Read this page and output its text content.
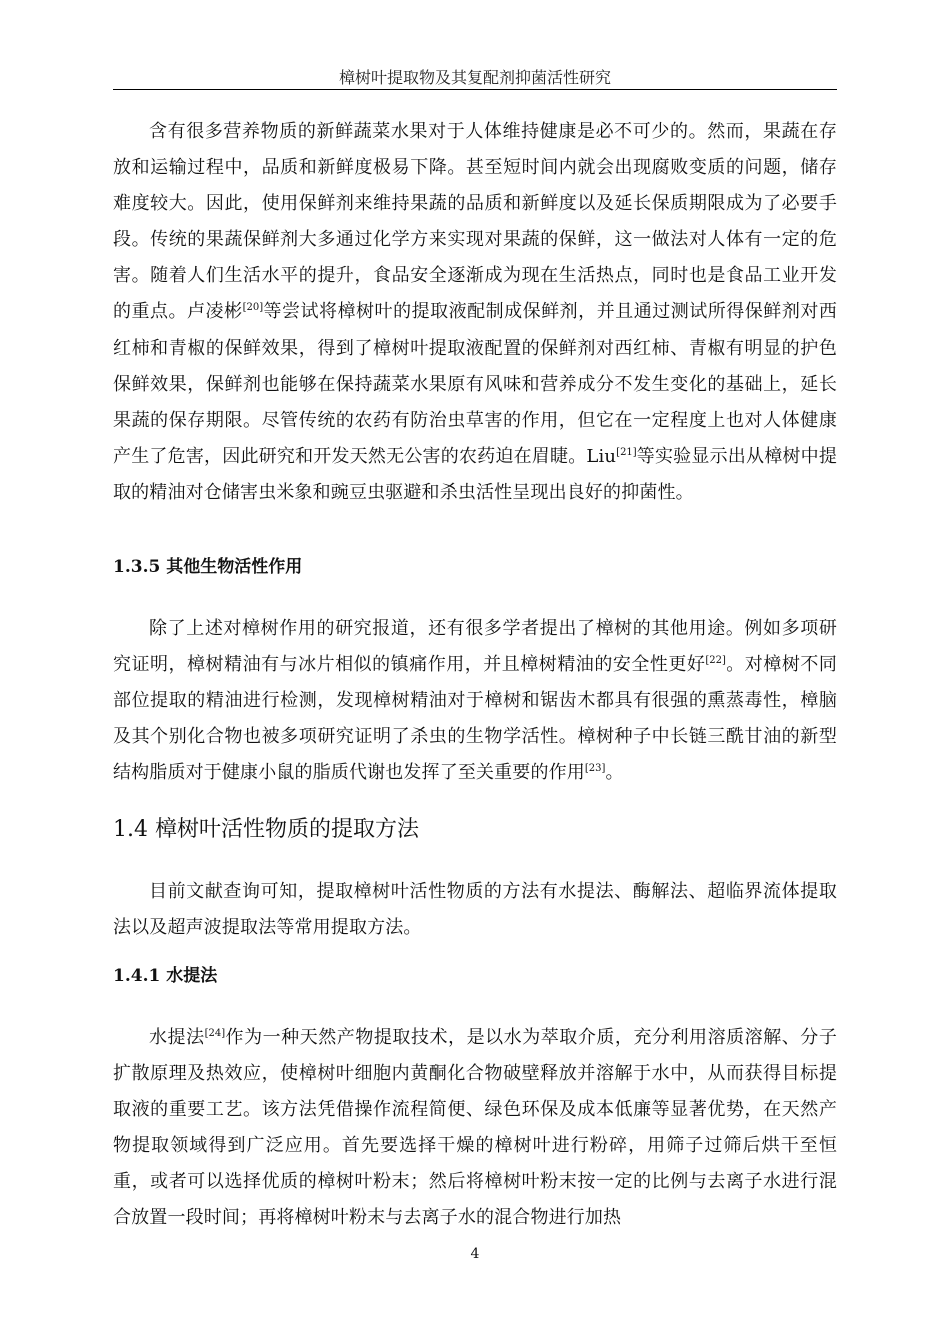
樟树叶提取物及其复配剂抑菌活性研究

含有很多营养物质的新鲜蔬菜水果对于人体维持健康是必不可少的。然而，果蔬在存放和运输过程中，品质和新鲜度极易下降。甚至短时间内就会出现腐败变质的问题，储存难度较大。因此，使用保鲜剂来维持果蔬的品质和新鲜度以及延长保质期限成为了必要手段。传统的果蔬保鲜剂大多通过化学方来实现对果蔬的保鲜，这一做法对人体有一定的危害。随着人们生活水平的提升，食品安全逐渐成为现在生活热点，同时也是食品工业开发的重点。卢凌彬[20]等尝试将樟树叶的提取液配制成保鲜剂，并且通过测试所得保鲜剂对西红柿和青椒的保鲜效果，得到了樟树叶提取液配置的保鲜剂对西红柿、青椒有明显的护色保鲜效果，保鲜剂也能够在保持蔬菜水果原有风味和营养成分不发生变化的基础上，延长果蔬的保存期限。尽管传统的农药有防治虫草害的作用，但它在一定程度上也对人体健康产生了危害，因此研究和开发天然无公害的农药迫在眉睫。Liu[21]等实验显示出从樟树中提取的精油对仓储害虫米象和豌豆虫驱避和杀虫活性呈现出良好的抑菌性。

1.3.5 其他生物活性作用

除了上述对樟树作用的研究报道，还有很多学者提出了樟树的其他用途。例如多项研究证明，樟树精油有与冰片相似的镇痛作用，并且樟树精油的安全性更好[22]。对樟树不同部位提取的精油进行检测，发现樟树精油对于樟树和锯齿木都具有很强的熏蒸毒性，樟脑及其个别化合物也被多项研究证明了杀虫的生物学活性。樟树种子中长链三酰甘油的新型结构脂质对于健康小鼠的脂质代谢也发挥了至关重要的作用[23]。

1.4 樟树叶活性物质的提取方法

目前文献查询可知，提取樟树叶活性物质的方法有水提法、酶解法、超临界流体提取法以及超声波提取法等常用提取方法。

1.4.1 水提法

水提法[24]作为一种天然产物提取技术，是以水为萃取介质，充分利用溶质溶解、分子扩散原理及热效应，使樟树叶细胞内黄酮化合物破壁释放并溶解于水中，从而获得目标提取液的重要工艺。该方法凭借操作流程简便、绿色环保及成本低廉等显著优势，在天然产物提取领域得到广泛应用。首先要选择干燥的樟树叶进行粉碎，用筛子过筛后烘干至恒重，或者可以选择优质的樟树叶粉末；然后将樟树叶粉末按一定的比例与去离子水进行混合放置一段时间；再将樟树叶粉末与去离子水的混合物进行加热

4
